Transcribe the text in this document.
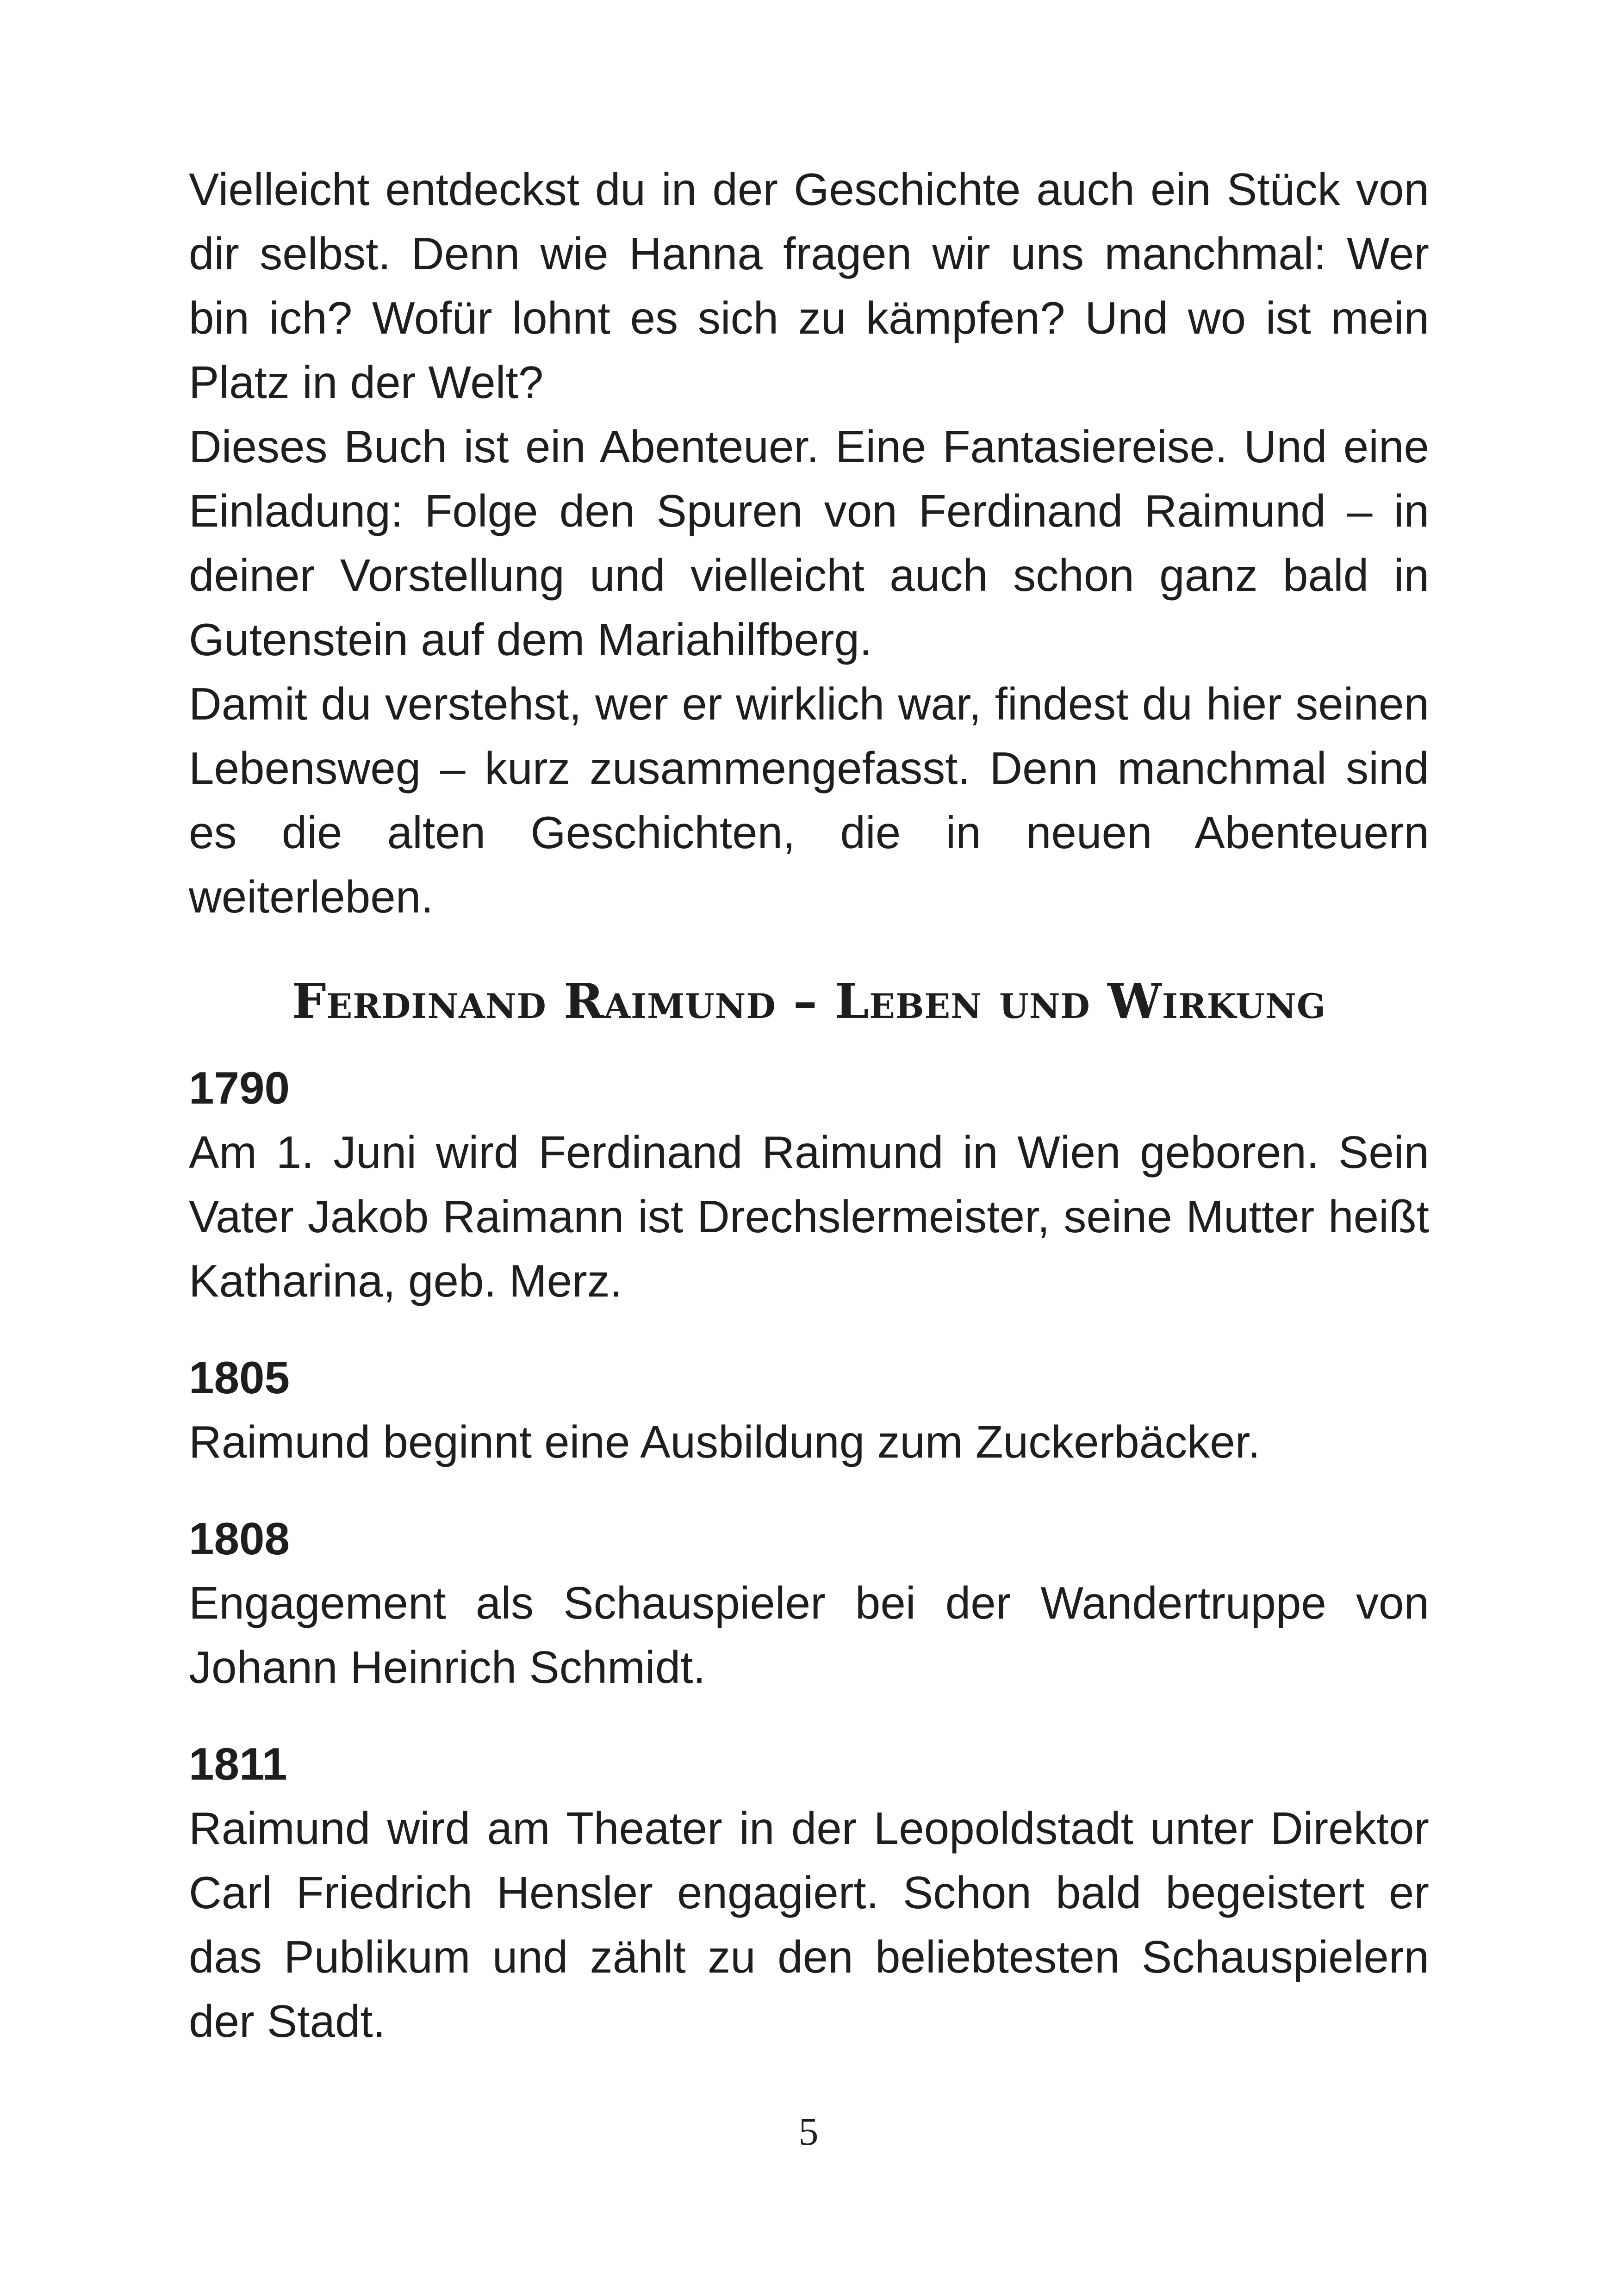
Vielleicht entdeckst du in der Geschichte auch ein Stück von dir selbst. Denn wie Hanna fragen wir uns manchmal: Wer bin ich? Wofür lohnt es sich zu kämpfen? Und wo ist mein Platz in der Welt?

Dieses Buch ist ein Abenteuer. Eine Fantasiereise. Und eine Einladung: Folge den Spuren von Ferdinand Raimund – in deiner Vorstellung und vielleicht auch schon ganz bald in Gutenstein auf dem Mariahilfberg.

Damit du verstehst, wer er wirklich war, findest du hier seinen Lebensweg – kurz zusammengefasst. Denn manchmal sind es die alten Geschichten, die in neuen Abenteuern weiterleben.

Ferdinand Raimund – Leben und Wirkung

1790

Am 1. Juni wird Ferdinand Raimund in Wien geboren. Sein Vater Jakob Raimann ist Drechslermeister, seine Mutter heißt Katharina, geb. Merz.

1805

Raimund beginnt eine Ausbildung zum Zuckerbäcker.

1808

Engagement als Schauspieler bei der Wandertruppe von Johann Heinrich Schmidt.

1811

Raimund wird am Theater in der Leopoldstadt unter Direktor Carl Friedrich Hensler engagiert. Schon bald begeistert er das Publikum und zählt zu den beliebtesten Schauspielern der Stadt.

5
